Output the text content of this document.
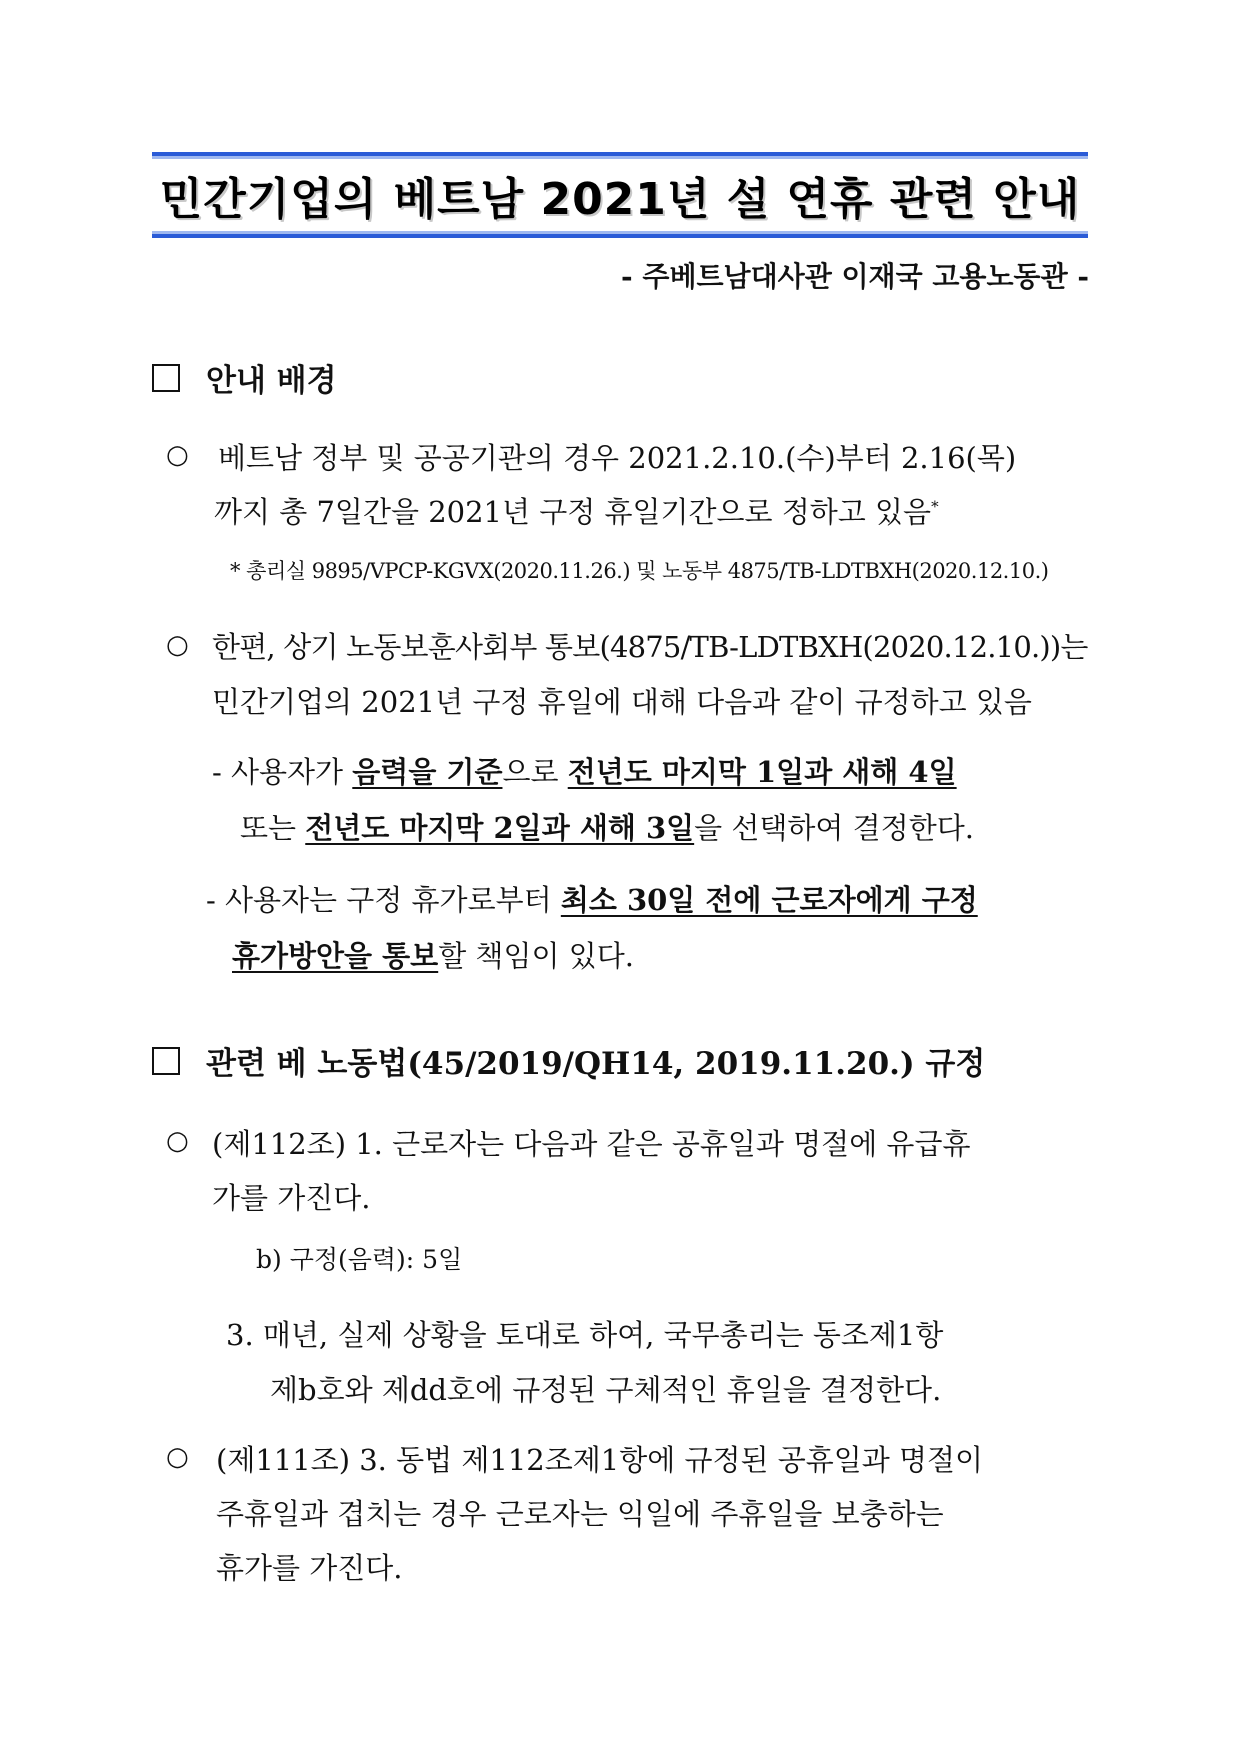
민간기업의 베트남 2021년 설 연휴 관련 안내
- 주베트남대사관 이재국 고용노동관 -
안내 배경
○ 베트남 정부 및 공공기관의 경우 2021.2.10.(수)부터 2.16(목)
까지 총 7일간을 2021년 구정 휴일기간으로 정하고 있음*
* 총리실 9895/VPCP-KGVX(2020.11.26.) 및 노동부 4875/TB-LDTBXH(2020.12.10.)
○ 한편, 상기 노동보훈사회부 통보(4875/TB-LDTBXH(2020.12.10.))는
민간기업의 2021년 구정 휴일에 대해 다음과 같이 규정하고 있음
- 사용자가 음력을 기준으로 전년도 마지막 1일과 새해 4일
또는 전년도 마지막 2일과 새해 3일을 선택하여 결정한다.
- 사용자는 구정 휴가로부터 최소 30일 전에 근로자에게 구정
휴가방안을 통보할 책임이 있다.
관련 베 노동법(45/2019/QH14, 2019.11.20.) 규정
○ (제112조) 1. 근로자는 다음과 같은 공휴일과 명절에 유급휴
가를 가진다.
b) 구정(음력): 5일
3. 매년, 실제 상황을 토대로 하여, 국무총리는 동조제1항
제b호와 제dd호에 규정된 구체적인 휴일을 결정한다.
○ (제111조) 3. 동법 제112조제1항에 규정된 공휴일과 명절이
주휴일과 겹치는 경우 근로자는 익일에 주휴일을 보충하는
휴가를 가진다.
